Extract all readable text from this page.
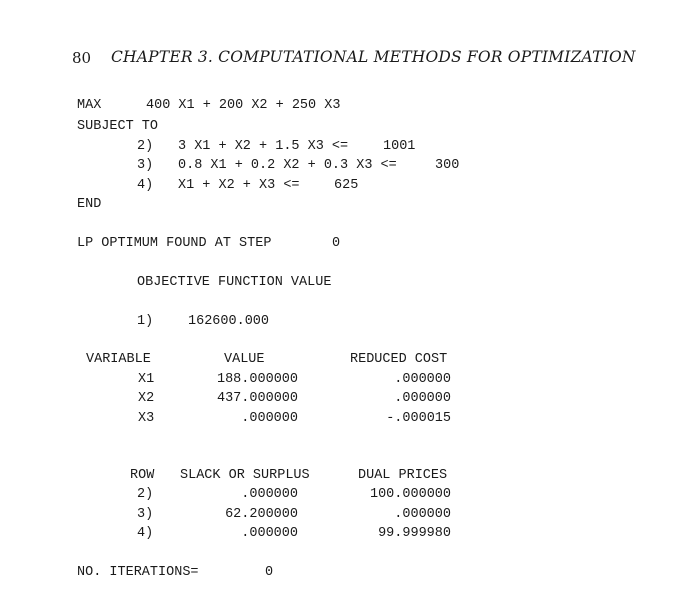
80 CHAPTER 3. COMPUTATIONAL METHODS FOR OPTIMIZATION
MAX	400 X1 + 200 X2 + 250 X3
SUBJECT TO
2) 3 X1 + X2 + 1.5 X3 <=	1001
3) 0.8 X1 + 0.2 X2 + 0.3 X3 <=	300
4) X1 + X2 + X3 <=	625
END
LP OPTIMUM FOUND AT STEP	0
OBJECTIVE FUNCTION VALUE
1)	162600.000
VARIABLE	VALUE	REDUCED COST
X1	188.000000	.000000
X2	437.000000	.000000
X3	.000000	-.000015
ROW SLACK OR SURPLUS	DUAL PRICES
2)	.000000	100.000000
3)	62.200000	.000000
4)	.000000	99.999980
NO. ITERATIONS=	0
